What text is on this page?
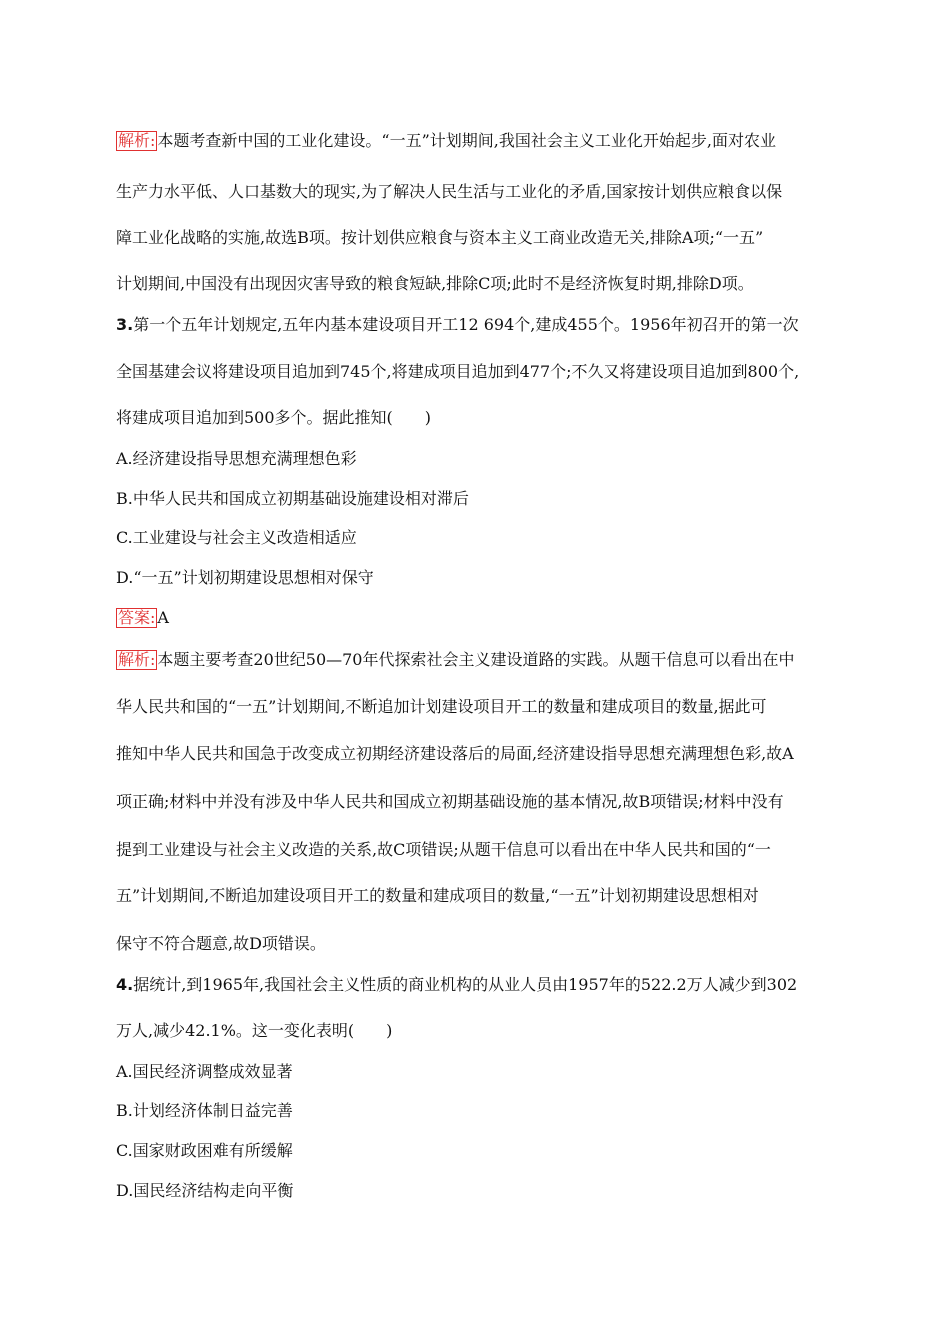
解析: 本题考查新中国的工业化建设。“一五”计划期间,我国社会主义工业化开始起步,面对农业
生产力水平低、人口基数大的现实,为了解决人民生活与工业化的矛盾,国家按计划供应粮食以保
障工业化战略的实施,故选B项。按计划供应粮食与资本主义工商业改造无关,排除A项;“一五”
计划期间,中国没有出现因灾害导致的粮食短缺,排除C项;此时不是经济恢复时期,排除D项。
3.第一个五年计划规定,五年内基本建设项目开工12 694个,建成455个。1956年初召开的第一次
全国基建会议将建设项目追加到745个,将建成项目追加到477个;不久又将建设项目追加到800个,
将建成项目追加到500多个。据此推知(　　)
A.经济建设指导思想充满理想色彩
B.中华人民共和国成立初期基础设施建设相对滞后
C.工业建设与社会主义改造相适应
D.“一五”计划初期建设思想相对保守
答案: A
解析: 本题主要考查20世纪50—70年代探索社会主义建设道路的实践。从题干信息可以看出在中
华人民共和国的“一五”计划期间,不断追加计划建设项目开工的数量和建成项目的数量,据此可
推知中华人民共和国急于改变成立初期经济建设落后的局面,经济建设指导思想充满理想色彩,故A
项正确;材料中并没有涉及中华人民共和国成立初期基础设施的基本情况,故B项错误;材料中没有
提到工业建设与社会主义改造的关系,故C项错误;从题干信息可以看出在中华人民共和国的“一
五”计划期间,不断追加建设项目开工的数量和建成项目的数量,“一五”计划初期建设思想相对
保守不符合题意,故D项错误。
4.据统计,到1965年,我国社会主义性质的商业机构的从业人员由1957年的522.2万人减少到302
万人,减少42.1%。这一变化表明(　　)
A.国民经济调整成效显著
B.计划经济体制日益完善
C.国家财政困难有所缓解
D.国民经济结构走向平衡
